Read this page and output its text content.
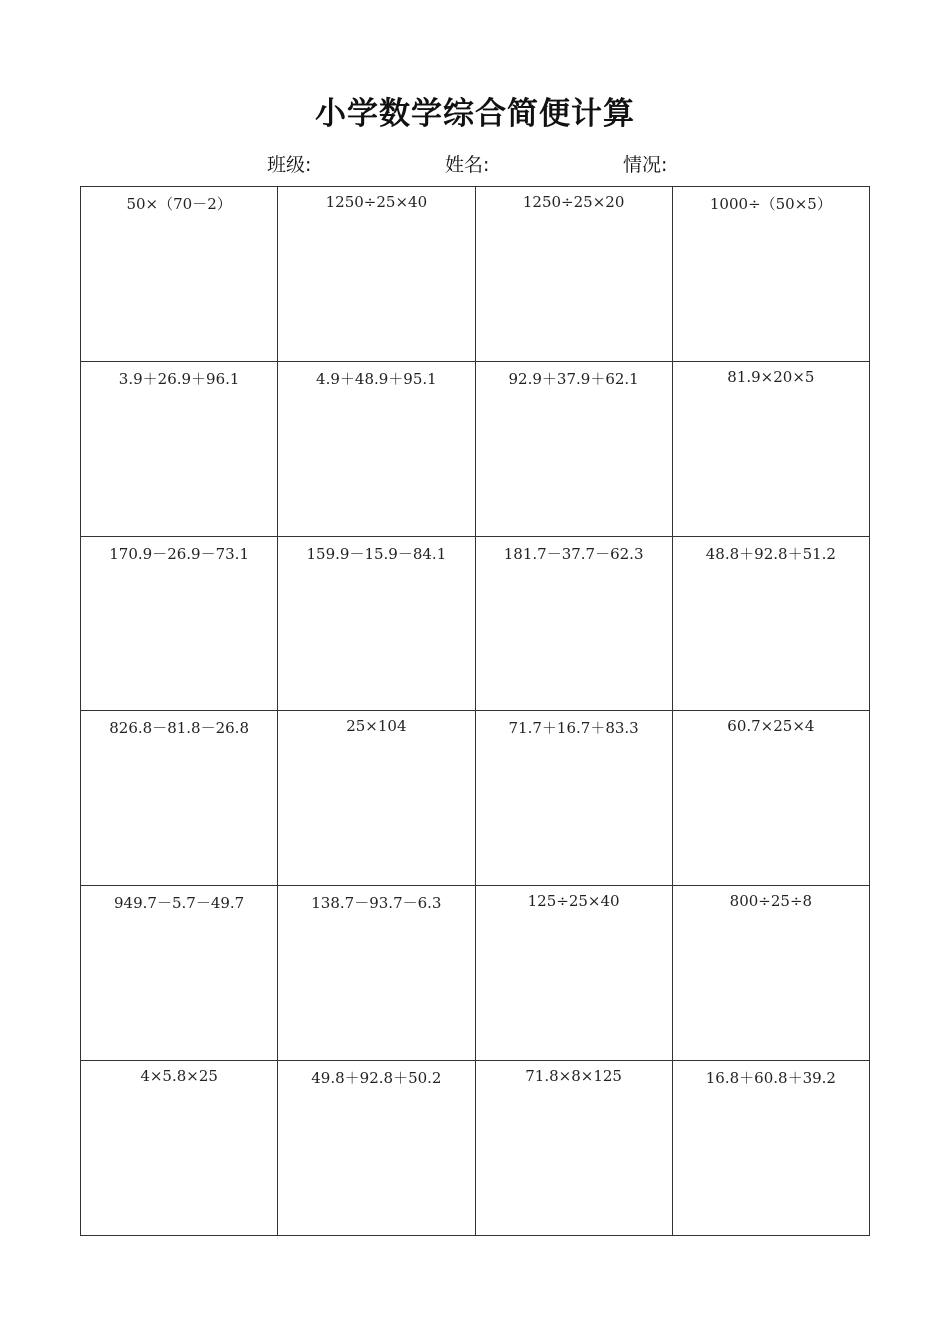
小学数学综合简便计算
班级:	姓名:	情况:
50×（70－2）	1250÷25×40	1250÷25×20	1000÷（50×5）
3.9＋26.9＋96.1	4.9＋48.9＋95.1	92.9＋37.9＋62.1	81.9×20×5
170.9－26.9－73.1	159.9－15.9－84.1	181.7－37.7－62.3	48.8＋92.8＋51.2
826.8－81.8－26.8	25×104	71.7＋16.7＋83.3	60.7×25×4
949.7－5.7－49.7	138.7－93.7－6.3	125÷25×40	800÷25÷8
4×5.8×25	49.8＋92.8＋50.2	71.8×8×125	16.8＋60.8＋39.2
